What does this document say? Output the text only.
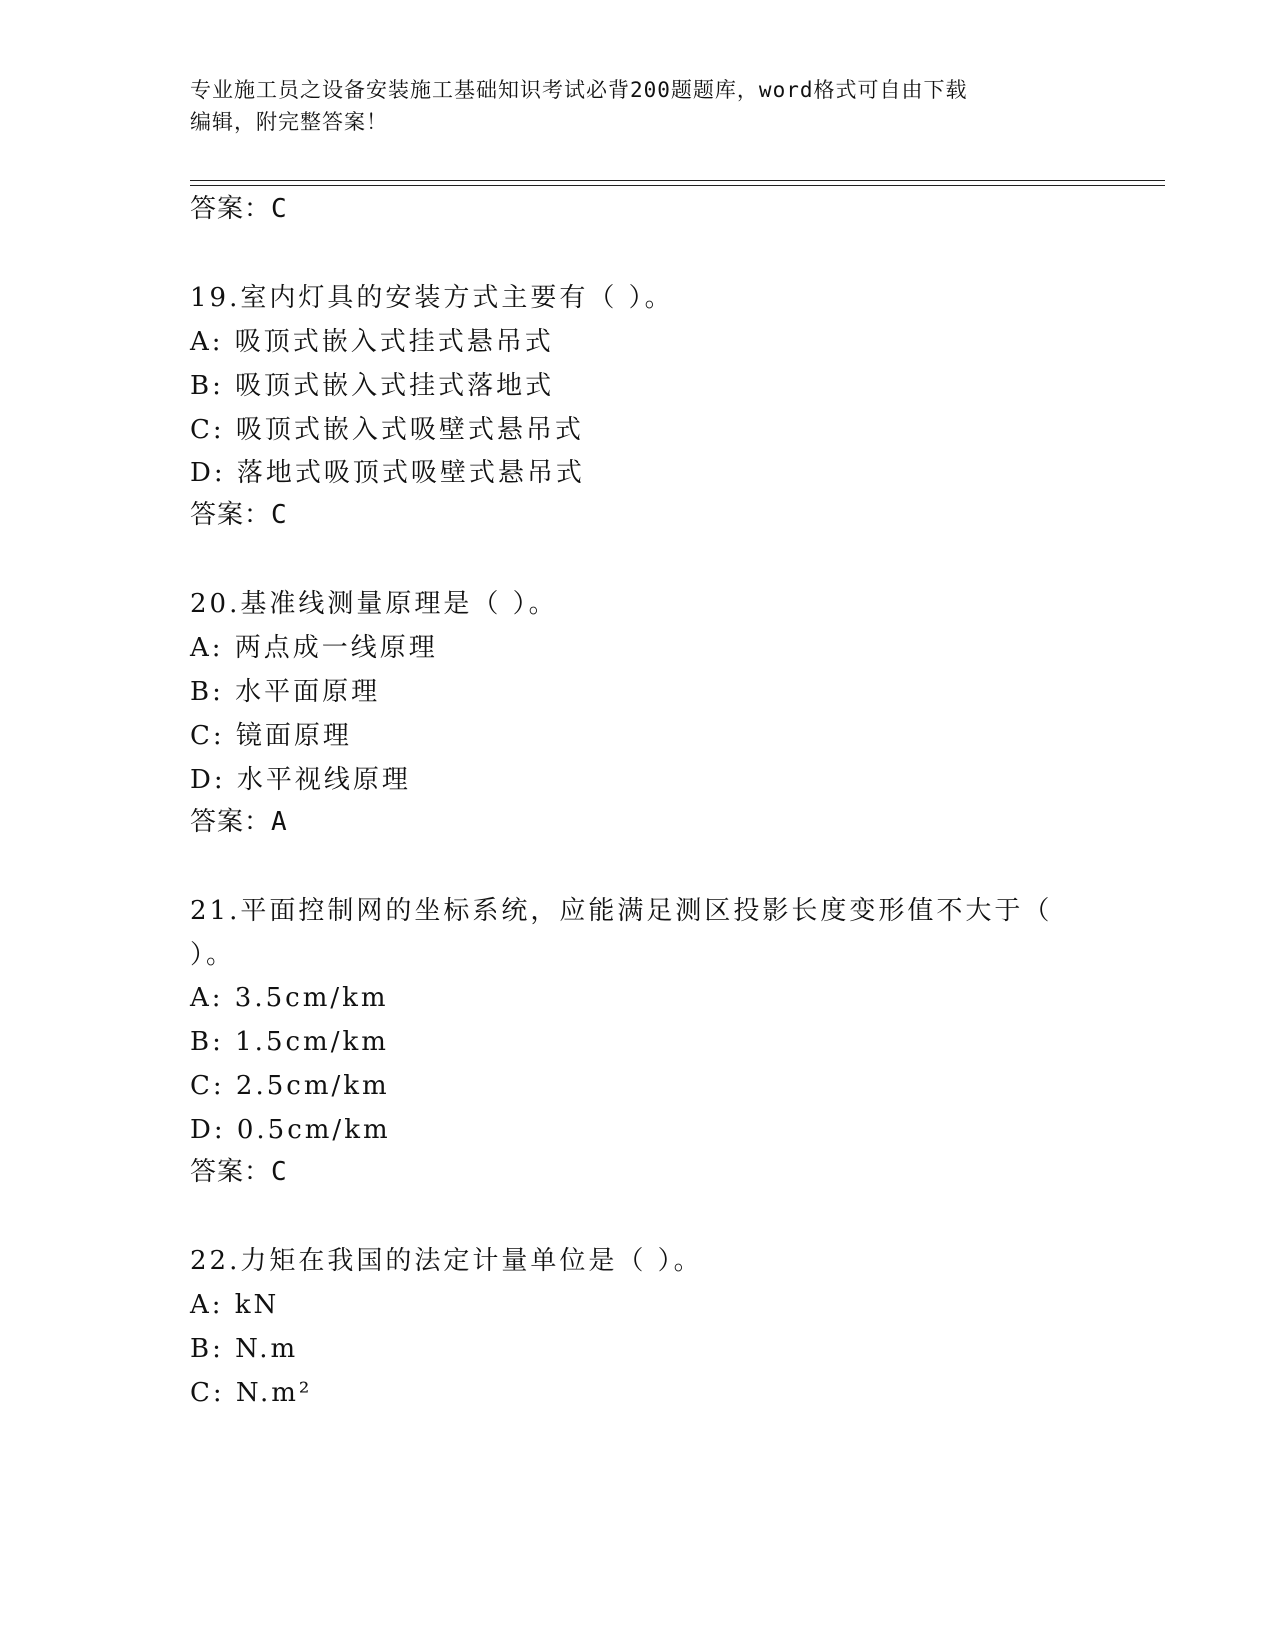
专业施工员之设备安装施工基础知识考试必背200题题库，word格式可自由下载
编辑，附完整答案！
答案：C
19.室内灯具的安装方式主要有（ ）。
A: 吸顶式嵌入式挂式悬吊式
B: 吸顶式嵌入式挂式落地式
C: 吸顶式嵌入式吸壁式悬吊式
D: 落地式吸顶式吸壁式悬吊式
答案：C
20.基准线测量原理是（ ）。
A: 两点成一线原理
B: 水平面原理
C: 镜面原理
D: 水平视线原理
答案：A
21.平面控制网的坐标系统，应能满足测区投影长度变形值不大于（
）。
A: 3.5cm/km
B: 1.5cm/km
C: 2.5cm/km
D: 0.5cm/km
答案：C
22.力矩在我国的法定计量单位是（ ）。
A: kN
B: N.m
C: N.m²
